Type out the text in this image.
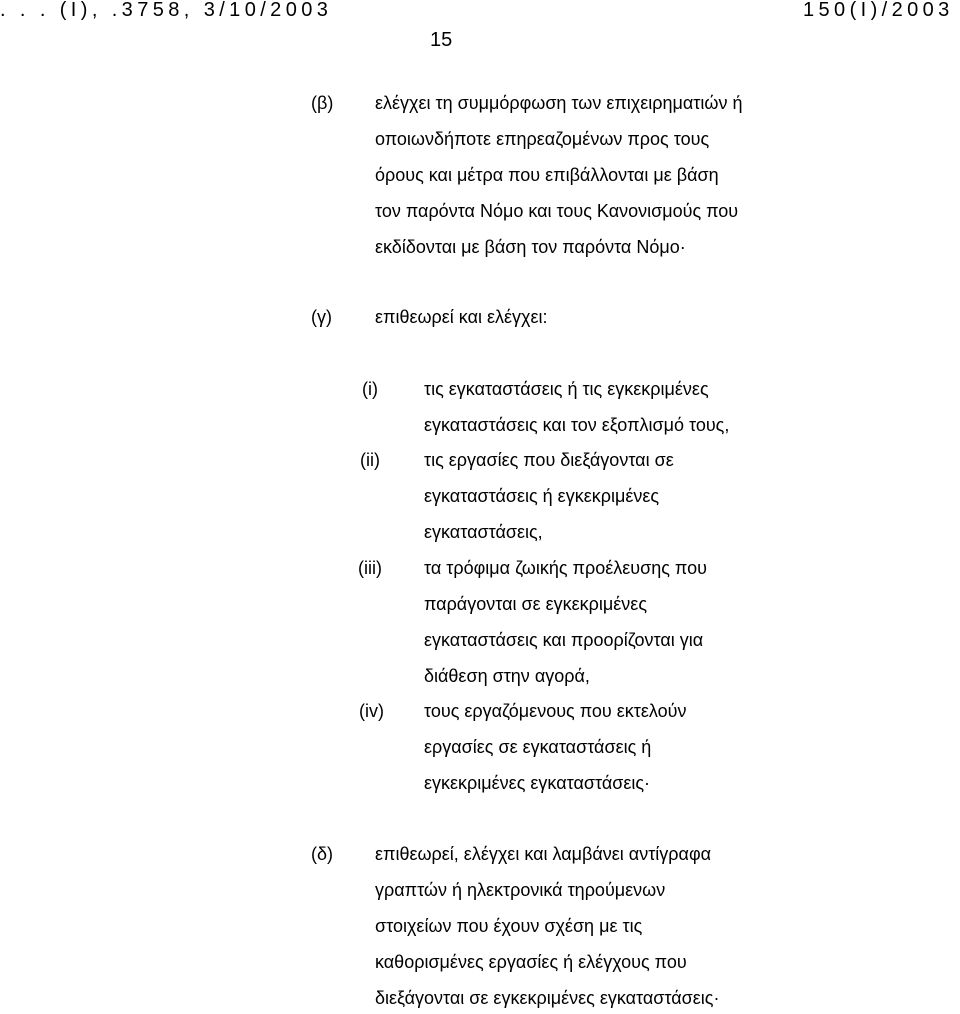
. . . (Ι), .3758, 3/10/2003	150(Ι)/2003
15
(β) ελέγχει τη συμμόρφωση των επιχειρηματιών ή
οποιωνδήποτε επηρεαζομένων προς τους
όρους και μέτρα που επιβάλλονται με βάση
τον παρόντα Νόμο και τους Κανονισμούς που
εκδίδονται με βάση τον παρόντα Νόμο·
(γ) επιθεωρεί και ελέγχει:
(i)	τις εγκαταστάσεις ή τις εγκεκριμένες
εγκαταστάσεις και τον εξοπλισμό τους,
(ii) τις εργασίες που διεξάγονται σε
εγκαταστάσεις ή εγκεκριμένες
εγκαταστάσεις,
(iii) τα τρόφιμα ζωικής προέλευσης που
παράγονται σε εγκεκριμένες
εγκαταστάσεις και προορίζονται για
διάθεση στην αγορά,
(iv) τους εργαζόμενους που εκτελούν
εργασίες σε εγκαταστάσεις ή
εγκεκριμένες εγκαταστάσεις·
(δ) επιθεωρεί, ελέγχει και λαμβάνει αντίγραφα
γραπτών ή ηλεκτρονικά τηρούμενων
στοιχείων που έχουν σχέση με τις
καθορισμένες εργασίες ή ελέγχους που
διεξάγονται σε εγκεκριμένες εγκαταστάσεις·
